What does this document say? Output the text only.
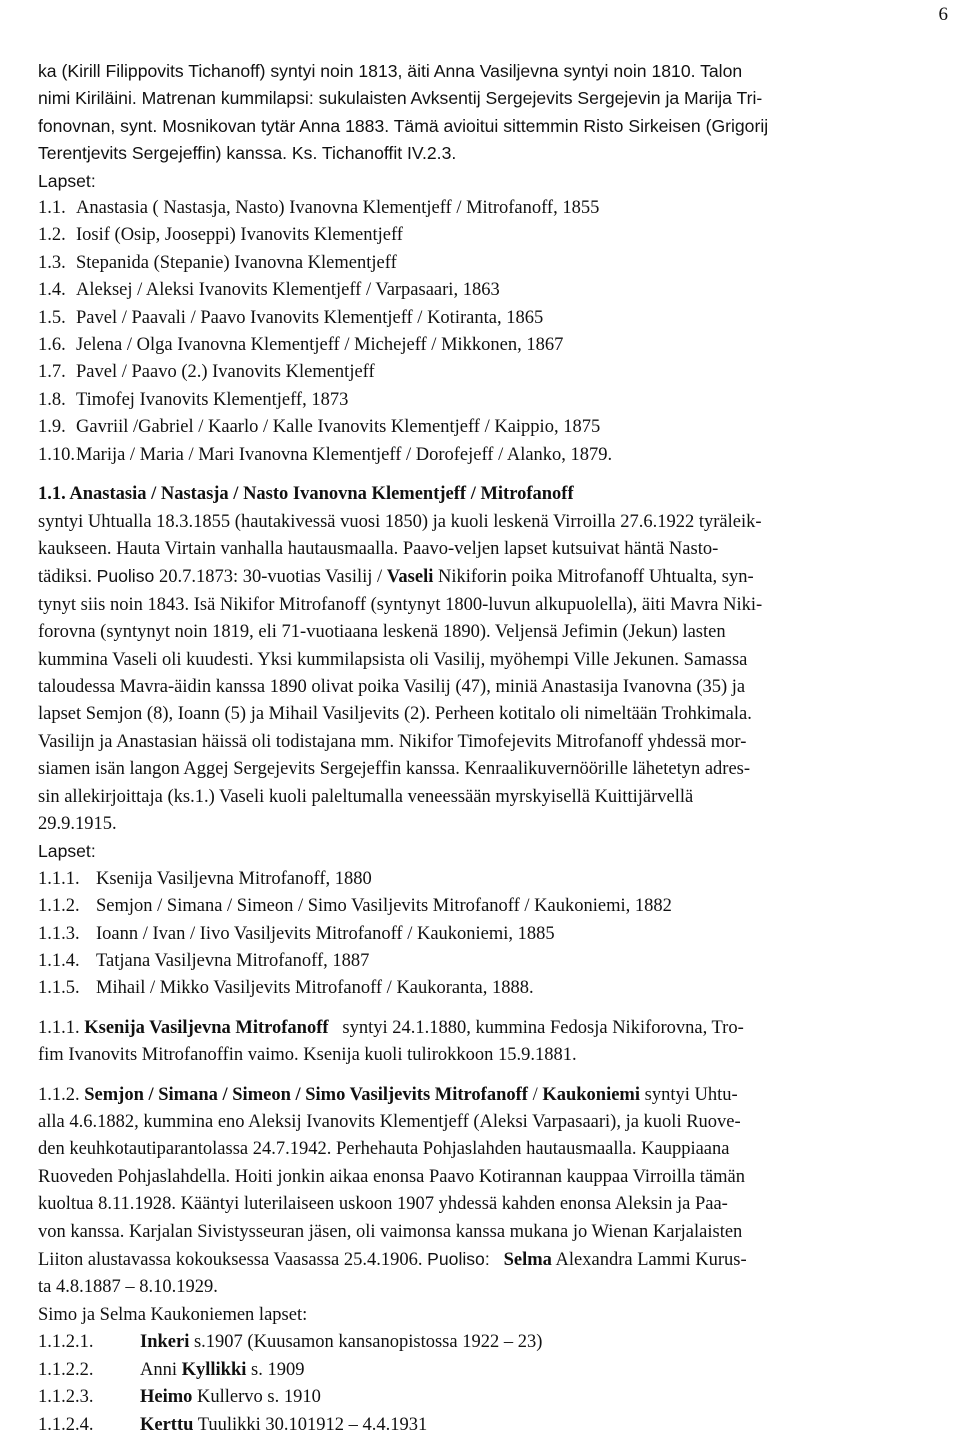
6

ka (Kirill Filippovits Tichanoff) syntyi noin 1813, äiti Anna Vasiljevna syntyi noin 1810. Talon

nimi Kiriläini. Matrenan kummilapsi: sukulaisten Avksentij Sergejevits Sergejevin ja Marija Tri-

fonovnan, synt. Mosnikovan tytär Anna 1883. Tämä avioitui sittemmin Risto Sirkeisen (Grigorij

Terentjevits Sergejeffin) kanssa. Ks. Tichanoffit IV.2.3.

Lapset:

1.1. Anastasia ( Nastasja, Nasto) Ivanovna Klementjeff / Mitrofanoff, 1855
1.2. Iosif (Osip, Jooseppi) Ivanovits Klementjeff
1.3. Stepanida (Stepanie) Ivanovna Klementjeff
1.4. Aleksej / Aleksi Ivanovits Klementjeff / Varpasaari, 1863
1.5. Pavel / Paavali / Paavo Ivanovits Klementjeff / Kotiranta, 1865
1.6. Jelena / Olga Ivanovna Klementjeff / Michejeff / Mikkonen, 1867
1.7. Pavel / Paavo (2.) Ivanovits Klementjeff
1.8. Timofej Ivanovits Klementjeff, 1873
1.9. Gavriil /Gabriel / Kaarlo / Kalle Ivanovits Klementjeff / Kaippio, 1875
1.10. Marija / Maria / Mari Ivanovna Klementjeff / Dorofejeff / Alanko, 1879.

1.1. Anastasia / Nastasja / Nasto Ivanovna Klementjeff / Mitrofanoff

syntyi Uhtualla 18.3.1855 (hautakivessä vuosi 1850) ja kuoli leskenä Virroilla 27.6.1922 tyräleik-

kaukseen. Hauta Virtain vanhalla hautausmaalla. Paavo-veljen lapset kutsuivat häntä Nasto-

tädiksi. Puoliso 20.7.1873: 30-vuotias Vasilij / Vaseli Nikiforin poika Mitrofanoff Uhtualta, syn-

tynyt siis noin 1843. Isä Nikifor Mitrofanoff (syntynyt 1800-luvun alkupuolella), äiti Mavra Niki-

forovna (syntynyt noin 1819, eli 71-vuotiaana leskenä 1890). Veljensä Jefimin (Jekun) lasten

kummina Vaseli oli kuudesti. Yksi kummilapsista oli Vasilij, myöhempi Ville Jekunen. Samassa

taloudessa Mavra-äidin kanssa 1890 olivat poika Vasilij (47), miniä Anastasija Ivanovna (35) ja

lapset Semjon (8), Ioann (5) ja Mihail Vasiljevits (2). Perheen kotitalo oli nimeltään Trohkimala.

Vasilijn ja Anastasian häissä oli todistajana mm. Nikifor Timofejevits Mitrofanoff yhdessä mor-

siamen isän langon Aggej Sergejevits Sergejeffin kanssa. Kenraalikuvernöörille lähetetyn adres-

sin allekirjoittaja (ks.1.) Vaseli kuoli paleltumalla veneessään myrskyisellä Kuittijärvellä

29.9.1915.

Lapset:

1.1.1. Ksenija Vasiljevna Mitrofanoff, 1880
1.1.2. Semjon / Simana / Simeon / Simo Vasiljevits Mitrofanoff / Kaukoniemi, 1882
1.1.3. Ioann / Ivan / Iivo Vasiljevits Mitrofanoff / Kaukoniemi, 1885
1.1.4. Tatjana Vasiljevna Mitrofanoff, 1887
1.1.5. Mihail / Mikko Vasiljevits Mitrofanoff / Kaukoranta, 1888.

1.1.1. Ksenija Vasiljevna Mitrofanoff   syntyi 24.1.1880, kummina Fedosja Nikiforovna, Tro-

fim Ivanovits Mitrofanoffin vaimo. Ksenija kuoli tulirokkoon 15.9.1881.

1.1.2. Semjon / Simana / Simeon / Simo Vasiljevits Mitrofanoff / Kaukoniemi syntyi Uhtu-

alla 4.6.1882, kummina eno Aleksij Ivanovits Klementjeff (Aleksi Varpasaari), ja kuoli Ruove-

den keuhkotautiparantolassa 24.7.1942. Perhehauta Pohjaslahden hautausmaalla. Kauppiaana

Ruoveden Pohjaslahdella. Hoiti jonkin aikaa enonsa Paavo Kotirannan kauppaa Virroilla tämän

kuoltua 8.11.1928. Kääntyi luterilaiseen uskoon 1907 yhdessä kahden enonsa Aleksin ja Paa-

von kanssa. Karjalan Sivistysseuran jäsen, oli vaimonsa kanssa mukana jo Wienan Karjalaisten

Liiton alustavassa kokouksessa Vaasassa 25.4.1906. Puoliso: Selma Alexandra Lammi Kurus-

ta 4.8.1887 – 8.10.1929.

Simo ja Selma Kaukoniemen lapset:

1.1.2.1.	Inkeri s.1907 (Kuusamon kansanopistossa 1922 – 23)
1.1.2.2.	Anni Kyllikki s. 1909
1.1.2.3.	Heimo Kullervo s. 1910
1.1.2.4.	Kerttu Tuulikki 30.101912 – 4.4.1931
